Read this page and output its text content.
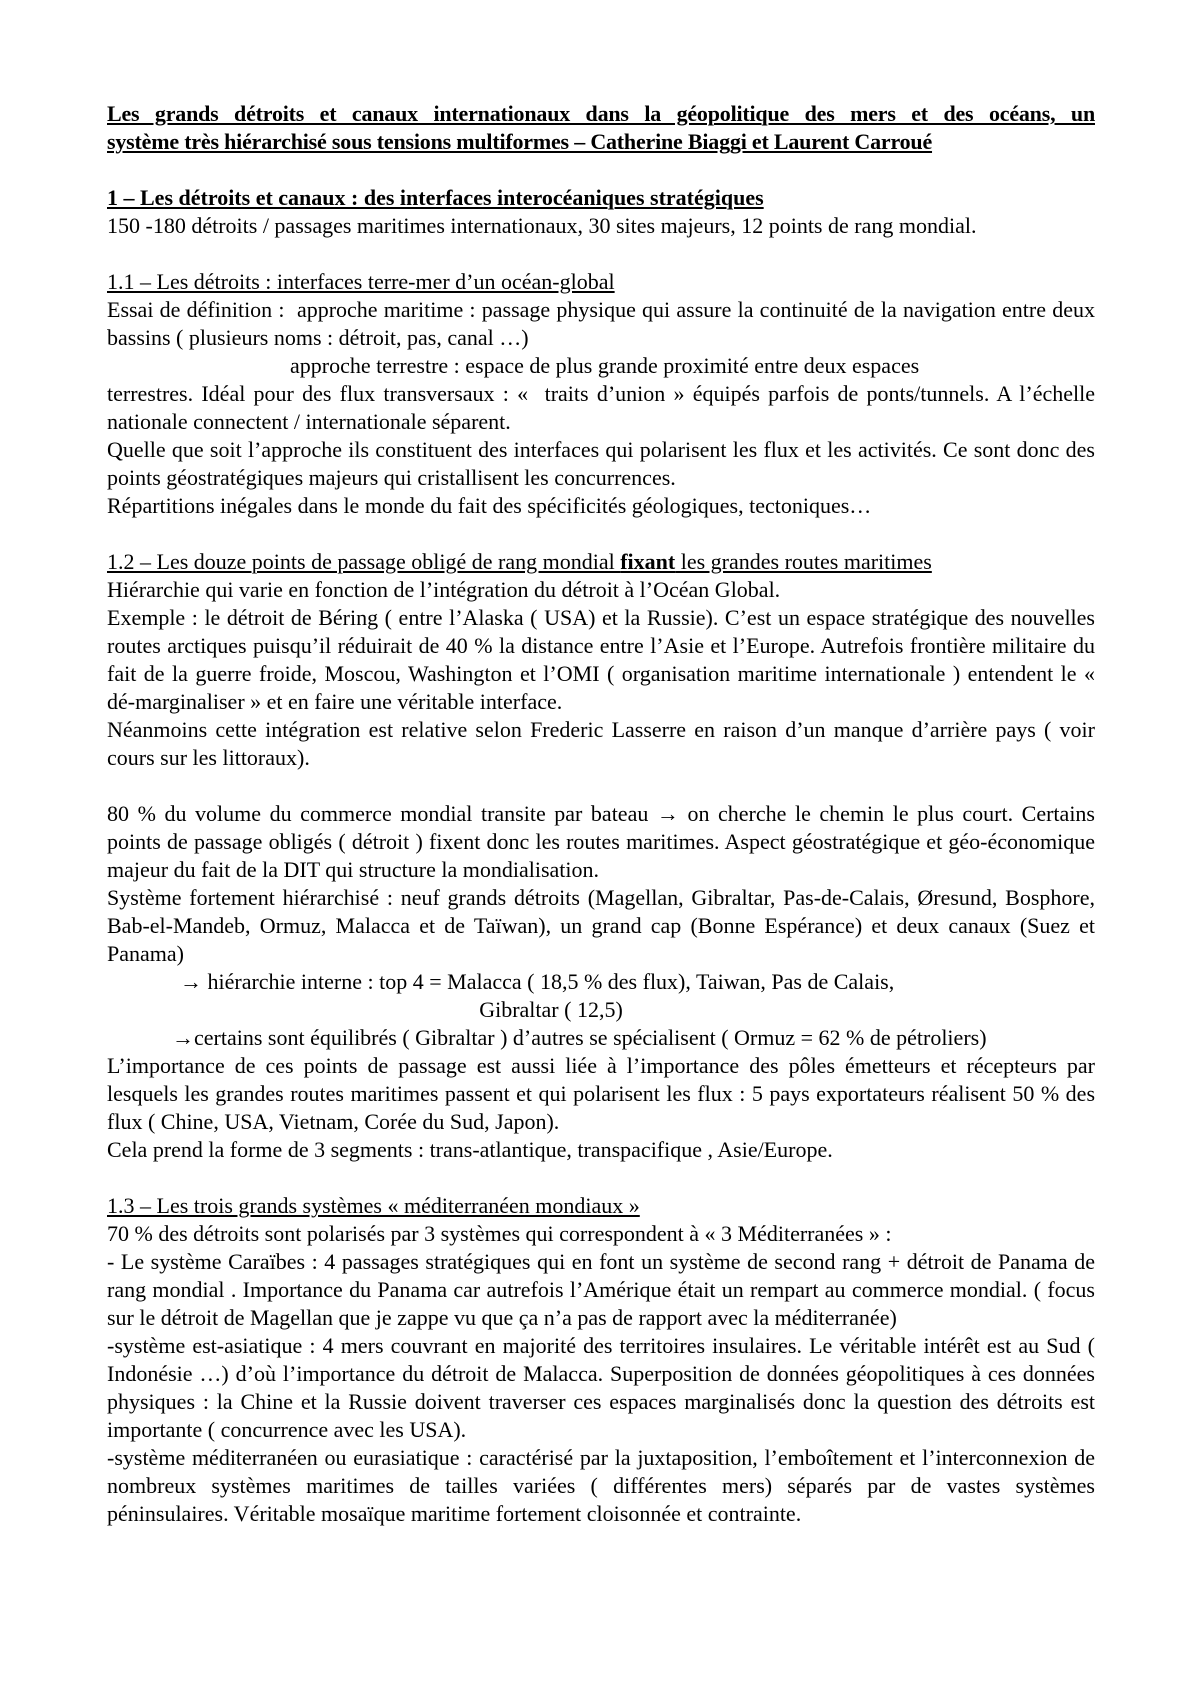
Les grands détroits et canaux internationaux dans la géopolitique des mers et des océans, un

système très hiérarchisé sous tensions multiformes – Catherine Biaggi et Laurent Carroué

1 – Les détroits et canaux : des interfaces interocéaniques stratégiques

150 -180 détroits / passages maritimes internationaux, 30 sites majeurs, 12 points de rang mondial.

1.1 – Les détroits : interfaces terre-mer d’un océan-global

Essai de définition :  approche maritime : passage physique qui assure la continuité de la navigation entre deux bassins ( plusieurs noms : détroit, pas, canal …)

approche terrestre : espace de plus grande proximité entre deux espaces

terrestres. Idéal pour des flux transversaux : «  traits d’union » équipés parfois de ponts/tunnels. A l’échelle nationale connectent / internationale séparent.

Quelle que soit l’approche ils constituent des interfaces qui polarisent les flux et les activités. Ce sont donc des points géostratégiques majeurs qui cristallisent les concurrences.

Répartitions inégales dans le monde du fait des spécificités géologiques, tectoniques…

1.2 – Les douze points de passage obligé de rang mondial fixant les grandes routes maritimes

Hiérarchie qui varie en fonction de l’intégration du détroit à l’Océan Global.

Exemple : le détroit de Béring ( entre l’Alaska ( USA) et la Russie). C’est un espace stratégique des nouvelles routes arctiques puisqu’il réduirait de 40 % la distance entre l’Asie et l’Europe. Autrefois frontière militaire du fait de la guerre froide, Moscou, Washington et l’OMI ( organisation maritime internationale ) entendent le « dé-marginaliser » et en faire une véritable interface.

Néanmoins cette intégration est relative selon Frederic Lasserre en raison d’un manque d’arrière pays ( voir cours sur les littoraux).

80 % du volume du commerce mondial transite par bateau → on cherche le chemin le plus court. Certains points de passage obligés ( détroit ) fixent donc les routes maritimes. Aspect géostratégique et géo-économique majeur du fait de la DIT qui structure la mondialisation.

Système fortement hiérarchisé : neuf grands détroits (Magellan, Gibraltar, Pas-de-Calais, Øresund, Bosphore, Bab-el-Mandeb, Ormuz, Malacca et de Taïwan), un grand cap (Bonne Espérance) et deux canaux (Suez et Panama)

→ hiérarchie interne : top 4 = Malacca ( 18,5 % des flux), Taiwan, Pas de Calais,

Gibraltar ( 12,5)

→certains sont équilibrés ( Gibraltar ) d’autres se spécialisent ( Ormuz = 62 % de pétroliers)

L’importance de ces points de passage est aussi liée à l’importance des pôles émetteurs et récepteurs par lesquels les grandes routes maritimes passent et qui polarisent les flux : 5 pays exportateurs réalisent 50 % des flux ( Chine, USA, Vietnam, Corée du Sud, Japon).

Cela prend la forme de 3 segments : trans-atlantique, transpacifique , Asie/Europe.

1.3 – Les trois grands systèmes « méditerranéen mondiaux »

70 % des détroits sont polarisés par 3 systèmes qui correspondent à « 3 Méditerranées » :

- Le système Caraïbes : 4 passages stratégiques qui en font un système de second rang + détroit de Panama de rang mondial . Importance du Panama car autrefois l’Amérique était un rempart au commerce mondial. ( focus sur le détroit de Magellan que je zappe vu que ça n’a pas de rapport avec la méditerranée)

-système est-asiatique : 4 mers couvrant en majorité des territoires insulaires. Le véritable intérêt est au Sud ( Indonésie …) d’où l’importance du détroit de Malacca. Superposition de données géopolitiques à ces données physiques : la Chine et la Russie doivent traverser ces espaces marginalisés donc la question des détroits est importante ( concurrence avec les USA).

-système méditerranéen ou eurasiatique : caractérisé par la juxtaposition, l’emboîtement et l’interconnexion de nombreux systèmes maritimes de tailles variées ( différentes mers) séparés par de vastes systèmes péninsulaires. Véritable mosaïque maritime fortement cloisonnée et contrainte.
